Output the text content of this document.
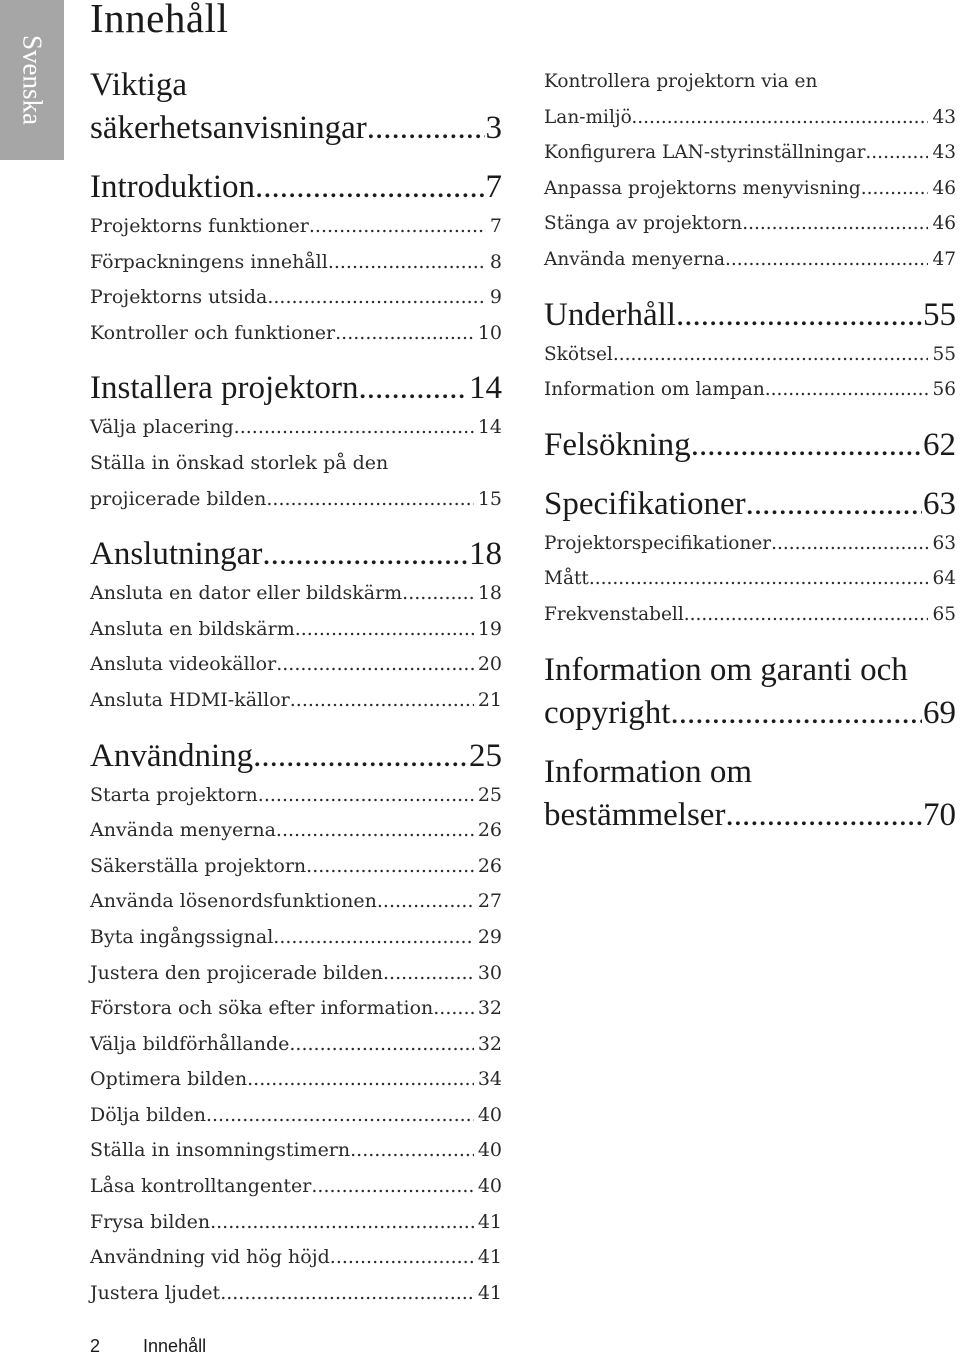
Svenska
Innehåll
Viktiga
säkerhetsanvisningar .....	3
Introduktion .....	7
Projektorns funktioner .....	7
Förpackningens innehåll .....	8
Projektorns utsida .....	9
Kontroller och funktioner .....	10
Installera projektorn .....	14
Välja placering .....	14
Ställa in önskad storlek på den
projicerade bilden .....	15
Anslutningar .....	18
Ansluta en dator eller bildskärm .....	18
Ansluta en bildskärm .....	19
Ansluta videokällor .....	20
Ansluta HDMI-källor .....	21
Användning .....	25
Starta projektorn .....	25
Använda menyerna .....	26
Säkerställa projektorn .....	26
Använda lösenordsfunktionen .....	27
Byta ingångssignal .....	29
Justera den projicerade bilden .....	30
Förstora och söka efter information ..... 32
Välja bildförhållande .....	32
Optimera bilden .....	34
Dölja bilden .....	40
Ställa in insomningstimern .....	40
Låsa kontrolltangenter .....	40
Frysa bilden .....	41
Användning vid hög höjd .....	41
Justera ljudet .....	41
Kontrollera projektorn via en
Lan-miljö. .....	43
Konfigurera LAN-styrinställningar .....	43
Anpassa projektorns menyvisning .....	46
Stänga av projektorn .....	46
Använda menyerna .....	47
Underhåll .....	55
Skötsel .....	55
Information om lampan .....	56
Felsökning .....	62
Specifikationer .....	63
Projektorspecifikationer .....	63
Mått .....	64
Frekvenstabell .....	65
Information om garanti och
copyright .....	69
Information om
bestämmelser .....	70
2 Innehåll
